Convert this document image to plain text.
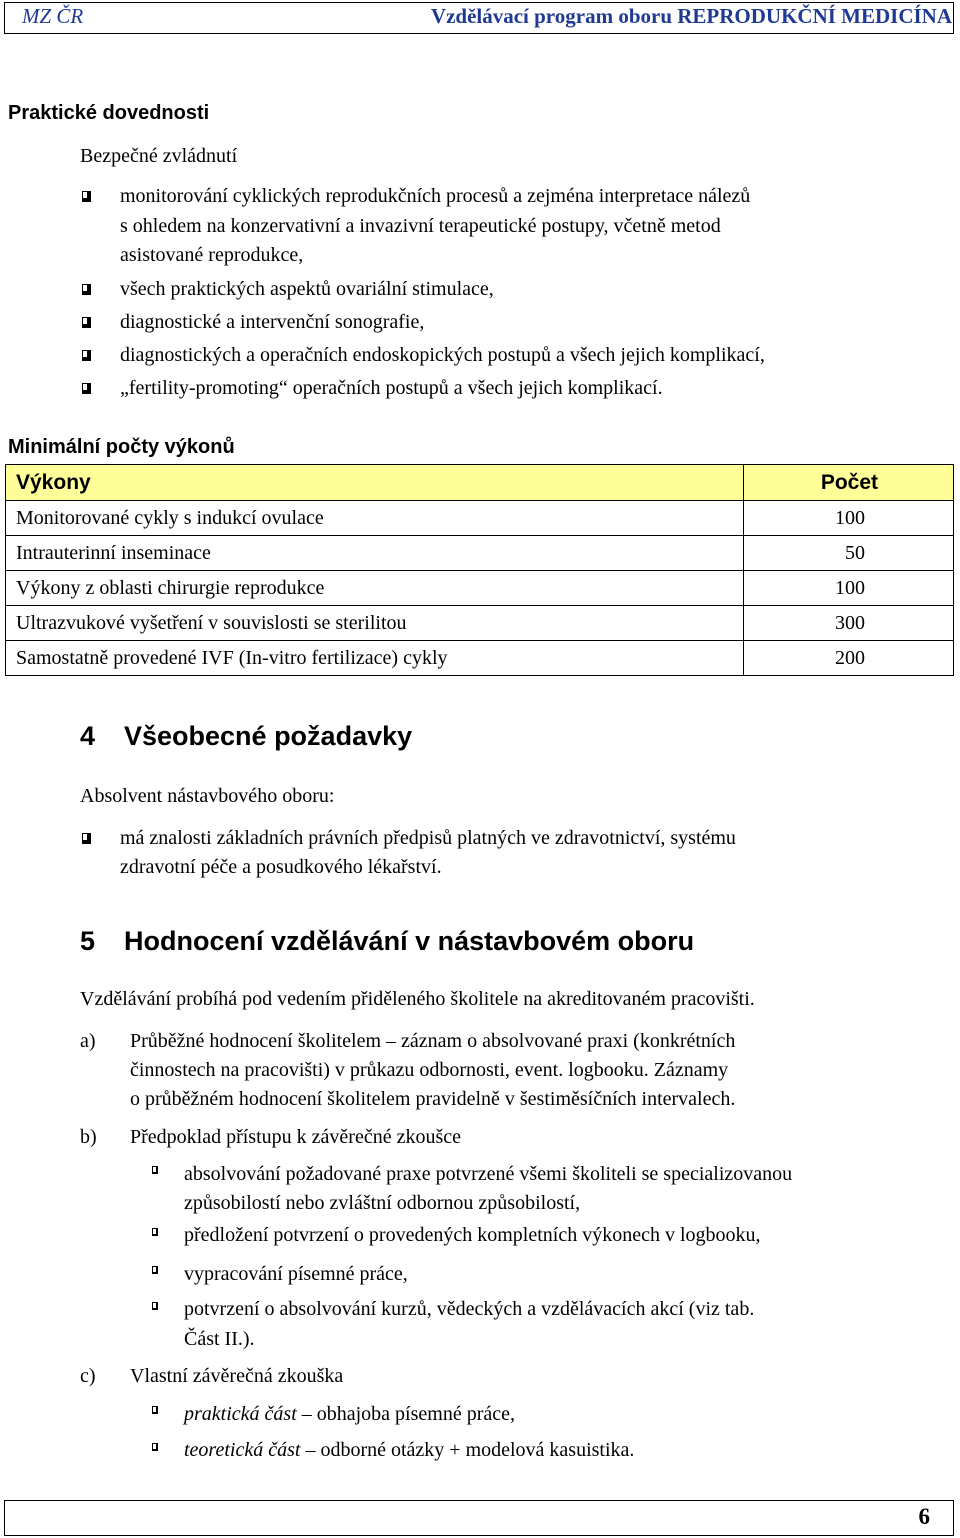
MZ ČR	Vzdělávací program oboru REPRODUKČNÍ MEDICÍNA
Praktické dovednosti
Bezpečné zvládnutí
monitorování cyklických reprodukčních procesů a zejména interpretace nálezů
s ohledem na konzervativní a invazivní terapeutické postupy, včetně metod
asistované reprodukce,
všech praktických aspektů ovariální stimulace,
diagnostické a intervenční sonografie,
diagnostických a operačních endoskopických postupů a všech jejich komplikací,
„fertility-promoting“ operačních postupů a všech jejich komplikací.
Minimální počty výkonů
Výkony	Počet
Monitorované cykly s indukcí ovulace	100
Intrauterinní inseminace	50
Výkony z oblasti chirurgie reprodukce	100
Ultrazvukové vyšetření v souvislosti se sterilitou	300
Samostatně provedené IVF (In-vitro fertilizace) cykly	200
4 Všeobecné požadavky
Absolvent nástavbového oboru:
má znalosti základních právních předpisů platných ve zdravotnictví, systému
zdravotní péče a posudkového lékařství.
5 Hodnocení vzdělávání v nástavbovém oboru
Vzdělávání probíhá pod vedením přiděleného školitele na akreditovaném pracovišti.
a) Průběžné hodnocení školitelem – záznam o absolvované praxi (konkrétních
činnostech na pracovišti) v průkazu odbornosti, event. logbooku. Záznamy
o průběžném hodnocení školitelem pravidelně v šestiměsíčních intervalech.
b) Předpoklad přístupu k závěrečné zkoušce
absolvování požadované praxe potvrzené všemi školiteli se specializovanou
způsobilostí nebo zvláštní odbornou způsobilostí,
předložení potvrzení o provedených kompletních výkonech v logbooku,
vypracování písemné práce,
potvrzení o absolvování kurzů, vědeckých a vzdělávacích akcí (viz tab.
Část II.).
c) Vlastní závěrečná zkouška
praktická část – obhajoba písemné práce,
teoretická část – odborné otázky + modelová kasuistika.
6
